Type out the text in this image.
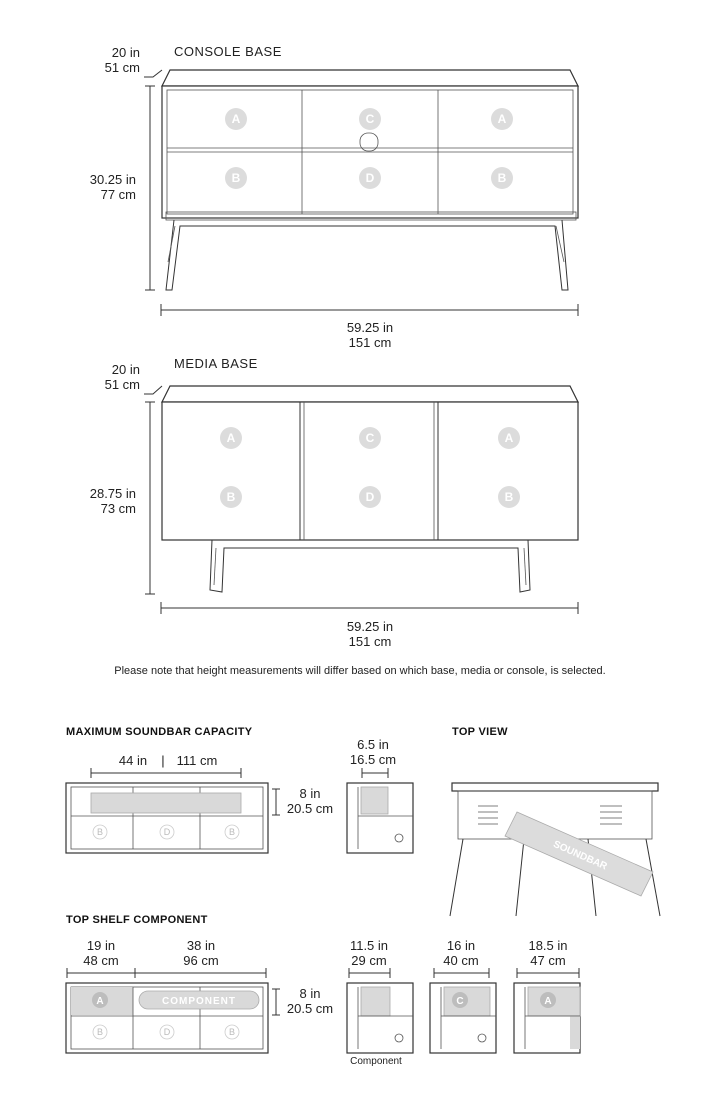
CONSOLE BASE
20 in
51 cm
30.25 in
77 cm
A	C	A
B	D	B
59.25 in
151 cm
MEDIA BASE
20 in
51 cm
28.75 in
73 cm
A	C	A
B	D	B
59.25 in
151 cm
Please note that height measurements will differ based on which base, media or console, is selected.
MAXIMUM SOUNDBAR CAPACITY
44 in | 111 cm
B	D	B
8 in
20.5 cm
6.5 in
16.5 cm
TOP VIEW
SOUNDBAR
TOP SHELF COMPONENT
19 in
48 cm
38 in
96 cm
A	COMPONENT
B	D	B
8 in
20.5 cm
11.5 in
29 cm
Component
16 in
40 cm
C
18.5 in
47 cm
A
